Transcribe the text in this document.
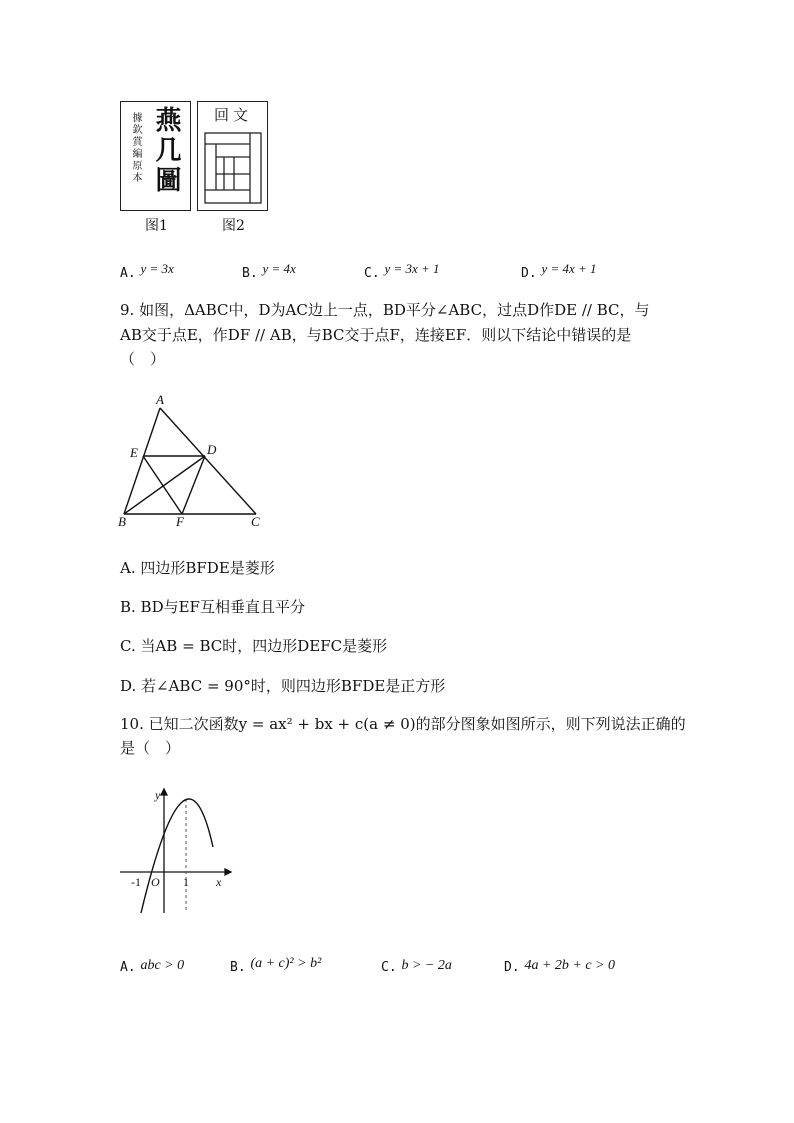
據欽賞編原本 燕几圖
图1
回文
图2
A. y = 3x	B. y = 4x	C. y = 3x + 1	D. y = 4x + 1
9. 如图，ΔABC中，D为AC边上一点，BD平分∠ABC，过点D作DE // BC，与
AB交于点E，作DF // AB，与BC交于点F，连接EF．则以下结论中错误的是
（　）
A
E	D
B	F	C
A. 四边形BFDE是菱形
B. BD与EF互相垂直且平分
C. 当AB = BC时，四边形DEFC是菱形
D. 若∠ABC = 90°时，则四边形BFDE是正方形
10. 已知二次函数y = ax² + bx + c(a ≠ 0)的部分图象如图所示，则下列说法正确的
是（　）
y
x
O
-1	1
A. abc > 0	B. (a + c)² > b²	C. b > − 2a	D. 4a + 2b + c > 0
